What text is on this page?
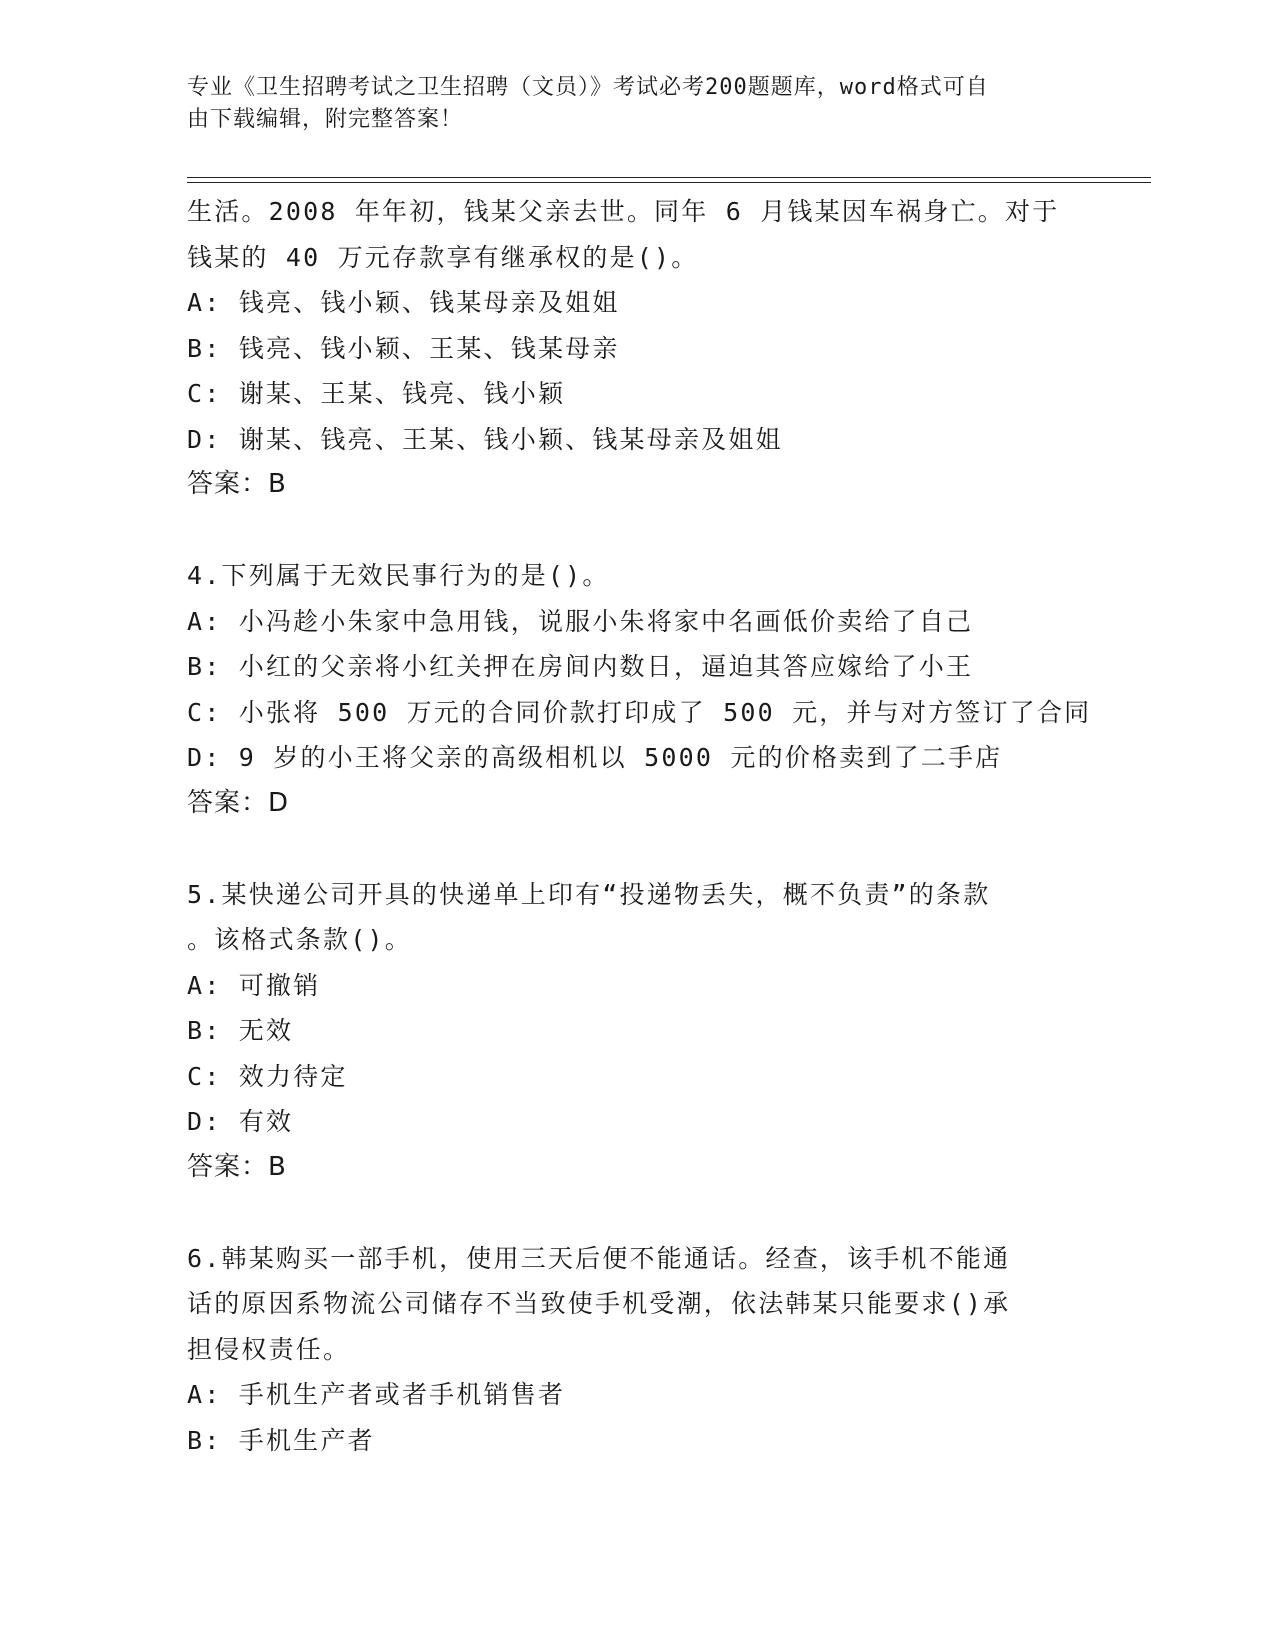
专业《卫生招聘考试之卫生招聘（文员）》考试必考200题题库，word格式可自
由下载编辑，附完整答案！
生活。2008 年年初，钱某父亲去世。同年 6 月钱某因车祸身亡。对于
钱某的 40 万元存款享有继承权的是()。
A: 钱亮、钱小颖、钱某母亲及姐姐
B: 钱亮、钱小颖、王某、钱某母亲
C: 谢某、王某、钱亮、钱小颖
D: 谢某、钱亮、王某、钱小颖、钱某母亲及姐姐
答案：B
4.下列属于无效民事行为的是()。
A: 小冯趁小朱家中急用钱，说服小朱将家中名画低价卖给了自己
B: 小红的父亲将小红关押在房间内数日，逼迫其答应嫁给了小王
C: 小张将 500 万元的合同价款打印成了 500 元，并与对方签订了合同
D: 9 岁的小王将父亲的高级相机以 5000 元的价格卖到了二手店
答案：D
5.某快递公司开具的快递单上印有“投递物丢失，概不负责”的条款
。该格式条款()。
A: 可撤销
B: 无效
C: 效力待定
D: 有效
答案：B
6.韩某购买一部手机，使用三天后便不能通话。经查，该手机不能通
话的原因系物流公司储存不当致使手机受潮，依法韩某只能要求()承
担侵权责任。
A: 手机生产者或者手机销售者
B: 手机生产者
